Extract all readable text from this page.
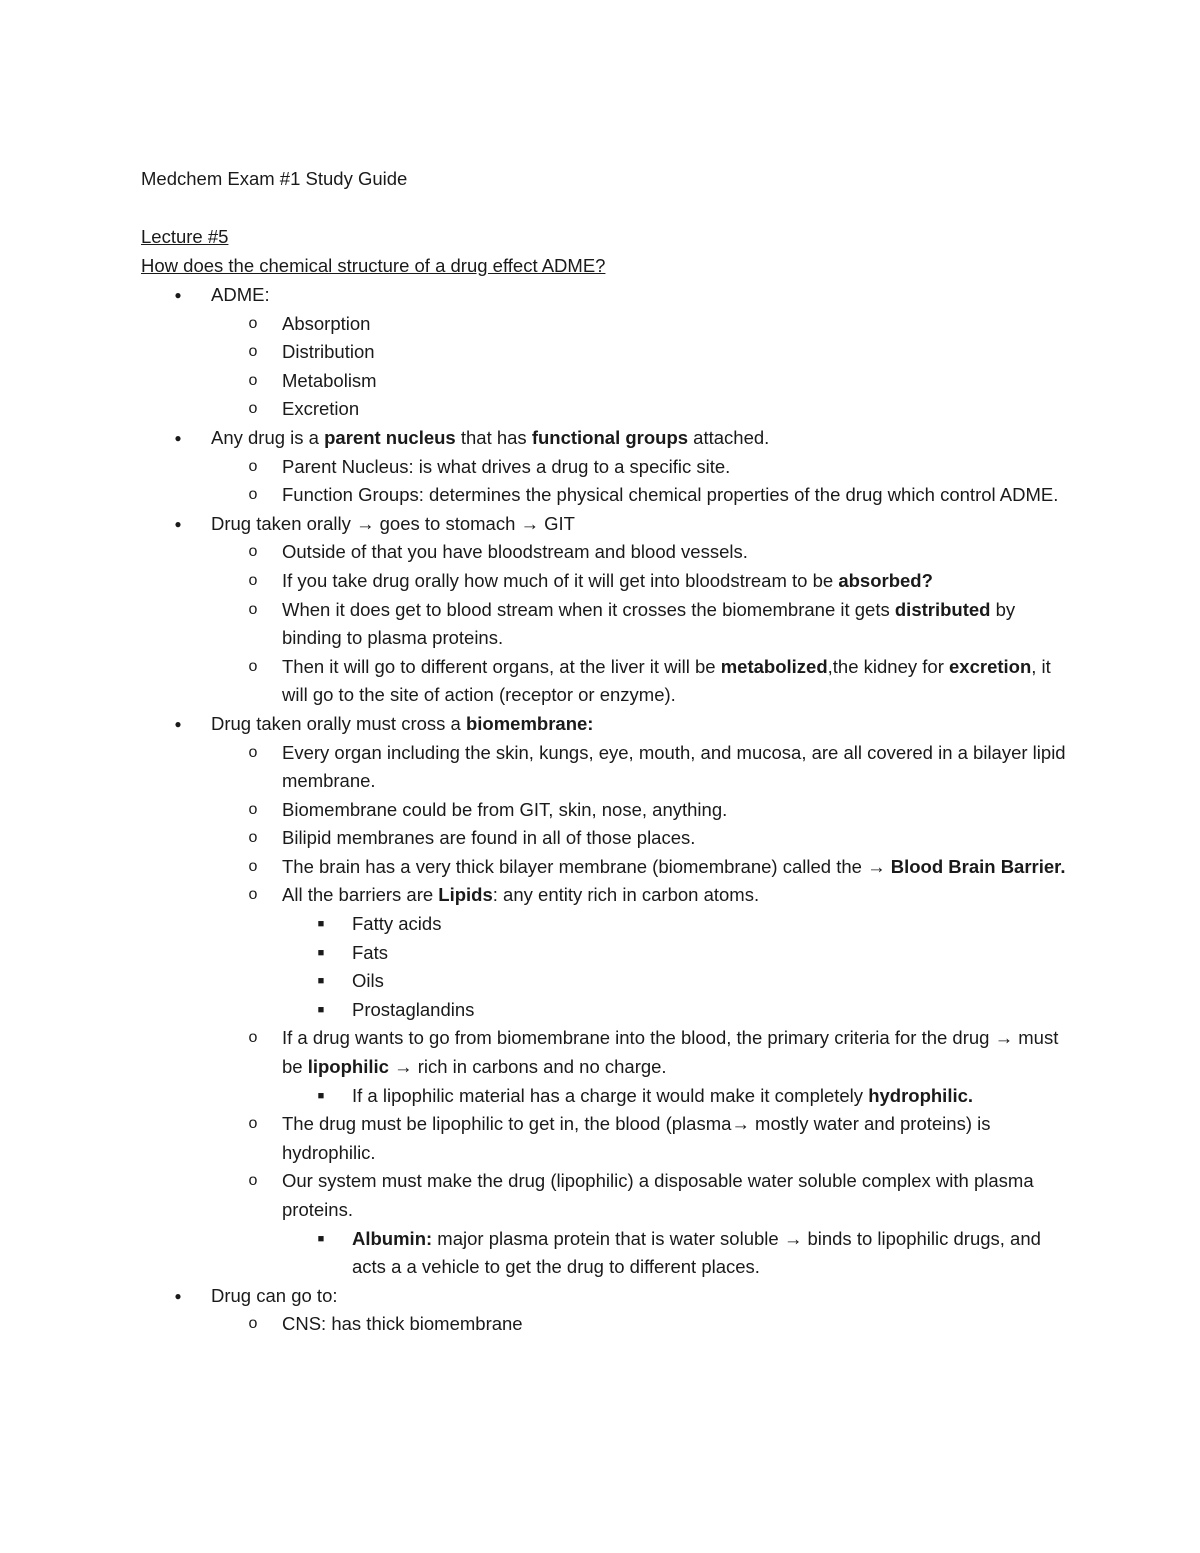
Medchem Exam #1 Study Guide
Lecture #5
How does the chemical structure of a drug effect ADME?
● ADME:
o Absorption
o Distribution
o Metabolism
o Excretion
● Any drug is a parent nucleus that has functional groups attached.
o Parent Nucleus: is what drives a drug to a specific site.
o Function Groups: determines the physical chemical properties of the drug which control ADME.
● Drug taken orally → goes to stomach → GIT
o Outside of that you have bloodstream and blood vessels.
o If you take drug orally how much of it will get into bloodstream to be absorbed?
o When it does get to blood stream when it crosses the biomembrane it gets distributed by binding to plasma proteins.
o Then it will go to different organs, at the liver it will be metabolized,the kidney for excretion, it will go to the site of action (receptor or enzyme).
● Drug taken orally must cross a biomembrane:
o Every organ including the skin, kungs, eye, mouth, and mucosa, are all covered in a bilayer lipid membrane.
o Biomembrane could be from GIT, skin, nose, anything.
o Bilipid membranes are found in all of those places.
o The brain has a very thick bilayer membrane (biomembrane) called the → Blood Brain Barrier.
o All the barriers are Lipids: any entity rich in carbon atoms.
■	Fatty acids
■	Fats
■	Oils
■	Prostaglandins
o If a drug wants to go from biomembrane into the blood, the primary criteria for the drug → must be lipophilic → rich in carbons and no charge.
■	If a lipophilic material has a charge it would make it completely hydrophilic.
o The drug must be lipophilic to get in, the blood (plasma→ mostly water and proteins) is hydrophilic.
o Our system must make the drug (lipophilic) a disposable water soluble complex with plasma proteins.
■	Albumin: major plasma protein that is water soluble → binds to lipophilic drugs, and acts a a vehicle to get the drug to different places.
● Drug can go to:
o CNS: has thick biomembrane
